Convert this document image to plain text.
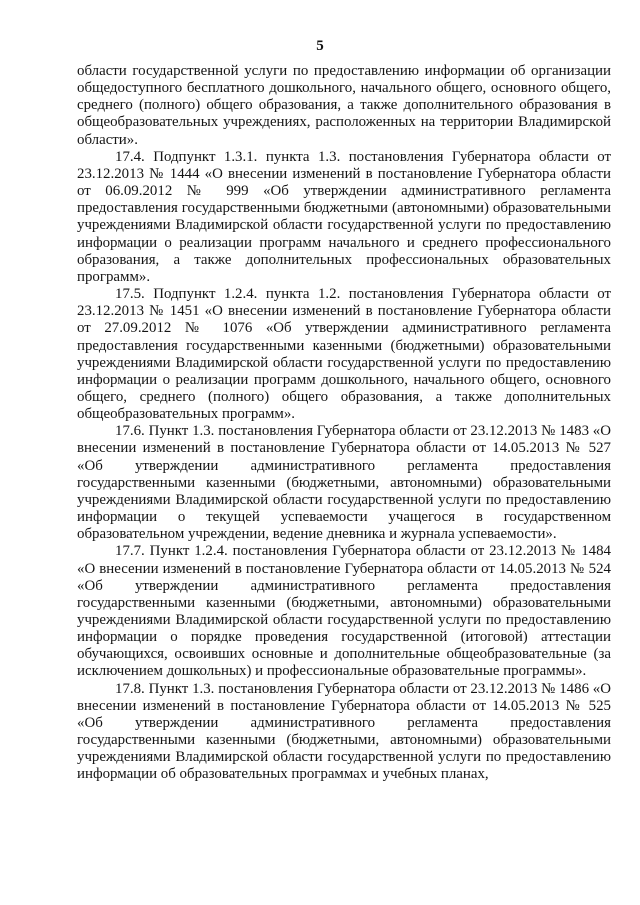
5

области государственной услуги по предоставлению информации об организации общедоступного бесплатного дошкольного, начального общего, основного общего, среднего (полного) общего образования, а также дополнительного образования в общеобразовательных учреждениях, расположенных на территории Владимирской области».

17.4. Подпункт 1.3.1. пункта 1.3. постановления Губернатора области от 23.12.2013 № 1444 «О внесении изменений в постановление Губернатора области от 06.09.2012 № 999 «Об утверждении административного регламента предоставления государственными бюджетными (автономными) образовательными учреждениями Владимирской области государственной услуги по предоставлению информации о реализации программ начального и среднего профессионального образования, а также дополнительных профессиональных образовательных программ».

17.5. Подпункт 1.2.4. пункта 1.2. постановления Губернатора области от 23.12.2013 № 1451 «О внесении изменений в постановление Губернатора области от 27.09.2012 № 1076 «Об утверждении административного регламента предоставления государственными казенными (бюджетными) образовательными учреждениями Владимирской области государственной услуги по предоставлению информации о реализации программ дошкольного, начального общего, основного общего, среднего (полного) общего образования, а также дополнительных общеобразовательных программ».

17.6. Пункт 1.3. постановления Губернатора области от 23.12.2013 № 1483 «О внесении изменений в постановление Губернатора области от 14.05.2013 № 527 «Об утверждении административного регламента предоставления государственными казенными (бюджетными, автономными) образовательными учреждениями Владимирской области государственной услуги по предоставлению информации о текущей успеваемости учащегося в государственном образовательном учреждении, ведение дневника и журнала успеваемости».

17.7. Пункт 1.2.4. постановления Губернатора области от 23.12.2013 № 1484 «О внесении изменений в постановление Губернатора области от 14.05.2013 № 524 «Об утверждении административного регламента предоставления государственными казенными (бюджетными, автономными) образовательными учреждениями Владимирской области государственной услуги по предоставлению информации о порядке проведения государственной (итоговой) аттестации обучающихся, освоивших основные и дополнительные общеобразовательные (за исключением дошкольных) и профессиональные образовательные программы».

17.8. Пункт 1.3. постановления Губернатора области от 23.12.2013 № 1486 «О внесении изменений в постановление Губернатора области от 14.05.2013 № 525 «Об утверждении административного регламента предоставления государственными казенными (бюджетными, автономными) образовательными учреждениями Владимирской области государственной услуги по предоставлению информации об образовательных программах и учебных планах,
